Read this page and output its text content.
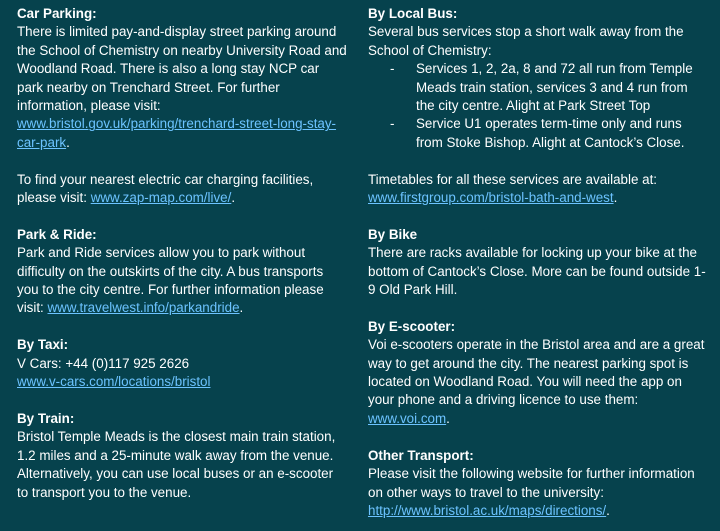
Car Parking:

There is limited pay-and-display street parking around the School of Chemistry on nearby University Road and Woodland Road. There is also a long stay NCP car park nearby on Trenchard Street. For further information, please visit: www.bristol.gov.uk/parking/trenchard-street-long-stay-car-park.

To find your nearest electric car charging facilities, please visit: www.zap-map.com/live/.

Park & Ride:

Park and Ride services allow you to park without difficulty on the outskirts of the city. A bus transports you to the city centre. For further information please visit: www.travelwest.info/parkandride.

By Taxi:

V Cars: +44 (0)117 925 2626

www.v-cars.com/locations/bristol

By Train:

Bristol Temple Meads is the closest main train station, 1.2 miles and a 25-minute walk away from the venue. Alternatively, you can use local buses or an e-scooter to transport you to the venue.

By Local Bus:

Several bus services stop a short walk away from the School of Chemistry:

- Services 1, 2, 2a, 8 and 72 all run from Temple Meads train station, services 3 and 4 run from the city centre. Alight at Park Street Top
- Service U1 operates term-time only and runs from Stoke Bishop. Alight at Cantock’s Close.

Timetables for all these services are available at: www.firstgroup.com/bristol-bath-and-west.

By Bike

There are racks available for locking up your bike at the bottom of Cantock’s Close. More can be found outside 1-9 Old Park Hill.

By E-scooter:

Voi e-scooters operate in the Bristol area and are a great way to get around the city. The nearest parking spot is located on Woodland Road. You will need the app on your phone and a driving licence to use them: www.voi.com.

Other Transport:

Please visit the following website for further information on other ways to travel to the university: http://www.bristol.ac.uk/maps/directions/.
